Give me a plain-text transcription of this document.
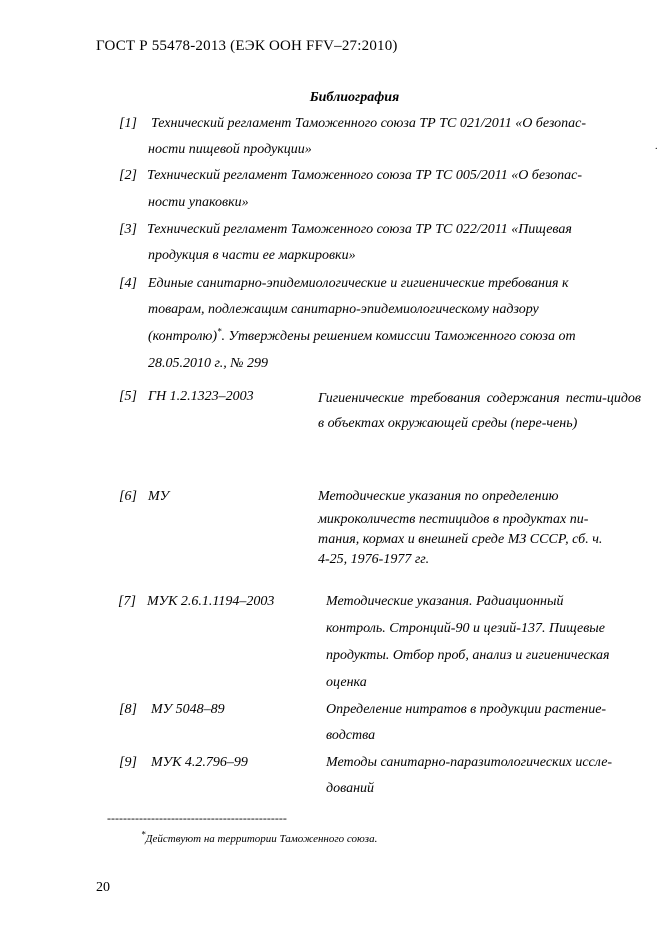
ГОСТ Р 55478-2013 (ЕЭК ООН FFV–27:2010)
Библиография
.
[1] Технический регламент Таможенного союза ТР ТС 021/2011 «О безопас-
ности пищевой продукции»
[2] Технический регламент Таможенного союза ТР ТС 005/2011 «О безопас-
ности упаковки»
[3] Технический регламент Таможенного союза ТР ТС 022/2011 «Пищевая
продукция в части ее маркировки»
[4] Единые санитарно-эпидемиологические и гигиенические требования к
товарам, подлежащим санитарно-эпидемиологическому надзору
(контролю)*. Утверждены решением комиссии Таможенного союза от
28.05.2010 г., № 299
[5] ГН 1.2.1323–2003	Гигиенические требования содержания пести-цидов в объектах окружающей среды (пере-чень)
[6] МУ	Методические указания по определению
микроколичеств пестицидов в продуктах пи-
тания, кормах и внешней среде МЗ СССР, сб. ч.
4-25, 1976-1977 гг.
[7] МУК 2.6.1.1194–2003	Методические указания. Радиационный
контроль. Стронций-90 и цезий-137. Пищевые
продукты. Отбор проб, анализ и гигиеническая
оценка
[8] МУ 5048–89	Определение нитратов в продукции растение-
водства
[9] МУК 4.2.796–99	Методы санитарно-паразитологических иссле-
дований
---------------------------------------------
*Действуют на территории Таможенного союза.
20
